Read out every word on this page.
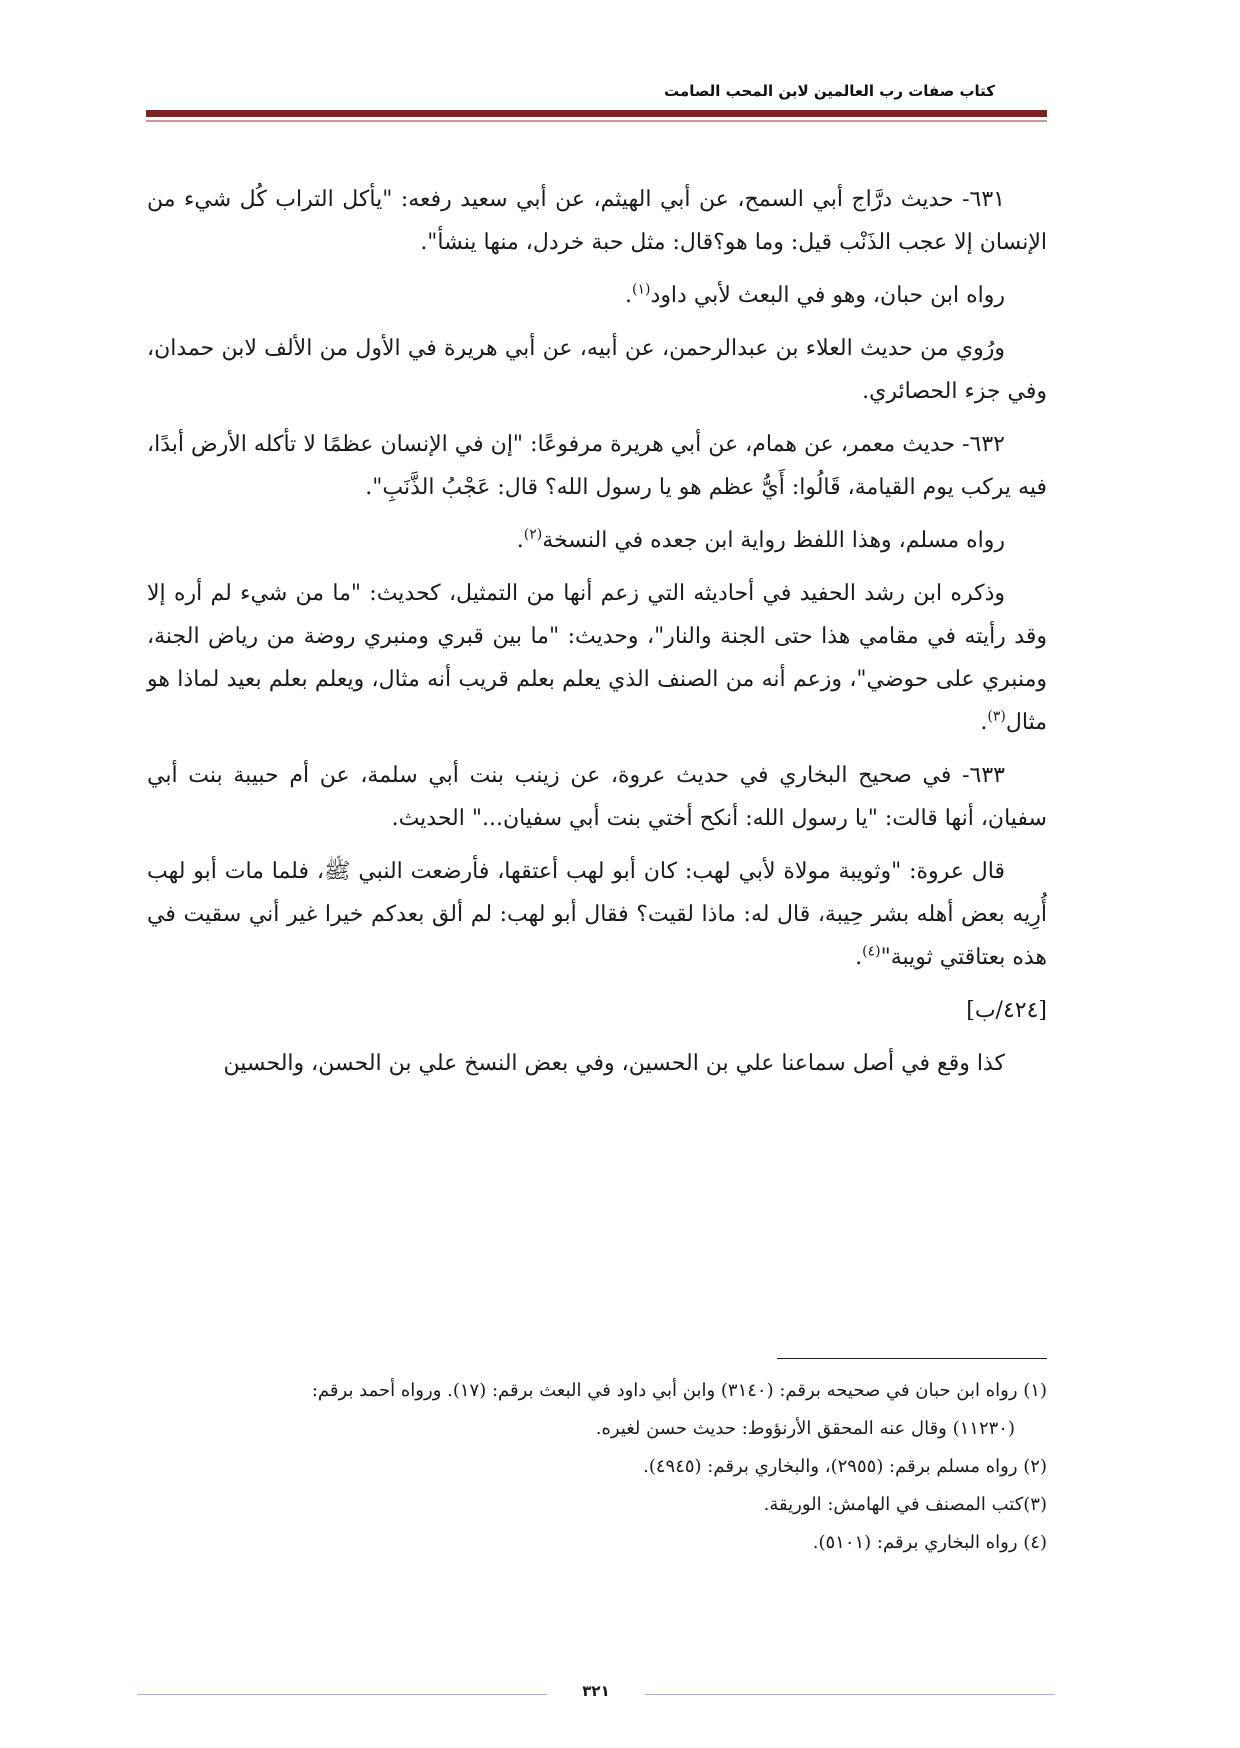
كتاب صفات رب العالمين لابن المحب الصامت

٦٣١- حديث درَّاج أبي السمح، عن أبي الهيثم، عن أبي سعيد رفعه: "يأكل التراب كُل شيء من الإنسان إلا عجب الذَنْب قيل: وما هو؟قال: مثل حبة خردل، منها ينشأ".

رواه ابن حبان، وهو في البعث لأبي داود$^{(١)}$.

ورُوي من حديث العلاء بن عبدالرحمن، عن أبيه، عن أبي هريرة في الأول من الألف لابن حمدان، وفي جزء الحصائري.

٦٣٢- حديث معمر، عن همام، عن أبي هريرة مرفوعًا: "إن في الإنسان عظمًا لا تأكله الأرض أبدًا، فيه يركب يوم القيامة، قَالُوا: أَيُّ عظم هو يا رسول الله؟ قال: عَجْبُ الذَّنَبِ".

رواه مسلم، وهذا اللفظ رواية ابن جعده في النسخة$^{(٢)}$.

وذكره ابن رشد الحفيد في أحاديثه التي زعم أنها من التمثيل، كحديث: "ما من شيء لم أره إلا وقد رأيته في مقامي هذا حتى الجنة والنار"، وحديث: "ما بين قبري ومنبري روضة من رياض الجنة، ومنبري على حوضي"، وزعم أنه من الصنف الذي يعلم بعلم قريب أنه مثال، ويعلم بعلم بعيد لماذا هو مثال$^{(٣)}$.

٦٣٣- في صحيح البخاري في حديث عروة، عن زينب بنت أبي سلمة، عن أم حبيبة بنت أبي سفيان، أنها قالت: "يا رسول الله: أنكح أختي بنت أبي سفيان..." الحديث.

قال عروة: "وثويبة مولاة لأبي لهب: كان أبو لهب أعتقها، فأرضعت النبي ﷺ، فلما مات أبو لهب أُرِيه بعض أهله بشر حِيبة، قال له: ماذا لقيت؟ فقال أبو لهب: لم ألق بعدكم خيرا غير أني سقيت في هذه بعتاقتي ثويبة"$^{(٤)}$.

[٤٢٤/ب]

كذا وقع في أصل سماعنا علي بن الحسين، وفي بعض النسخ علي بن الحسن، والحسين

(١) رواه ابن حبان في صحيحه برقم: (٣١٤٠) وابن أبي داود في البعث برقم: (١٧). ورواه أحمد برقم:

(١١٢٣٠) وقال عنه المحقق الأرنؤوط: حديث حسن لغيره.

(٢) رواه مسلم برقم: (٢٩٥٥)، والبخاري برقم: (٤٩٤٥).

(٣)كتب المصنف في الهامش: الوريقة.

(٤) رواه البخاري برقم: (٥١٠١).

٣٢١
